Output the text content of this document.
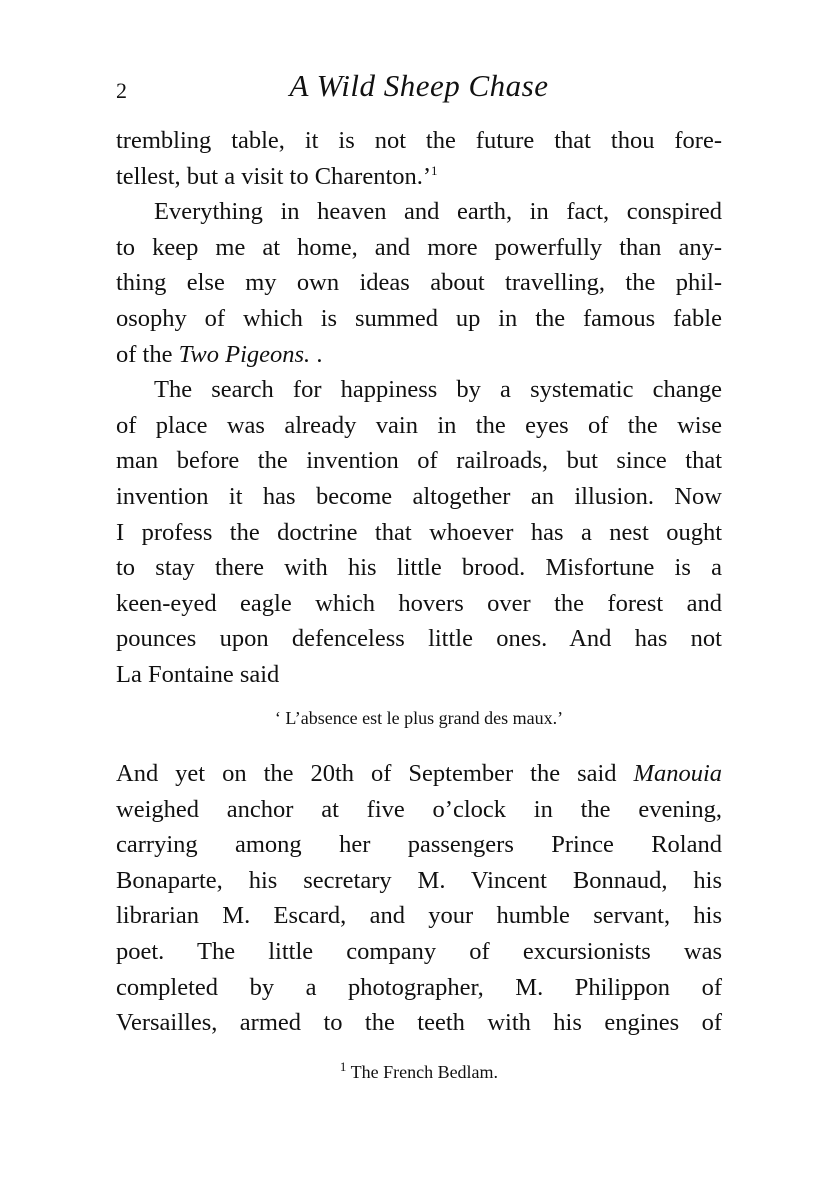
2	A Wild Sheep Chase
trembling table, it is not the future that thou fore-
tellest, but a visit to Charenton.’$^1$
Everything in heaven and earth, in fact, conspired
to keep me at home, and more powerfully than any-
thing else my own ideas about travelling, the phil-
osophy of which is summed up in the famous fable
of the Two Pigeons. .
The search for happiness by a systematic change
of place was already vain in the eyes of the wise
man before the invention of railroads, but since that
invention it has become altogether an illusion. Now
I profess the doctrine that whoever has a nest ought
to stay there with his little brood. Misfortune is a
keen-eyed eagle which hovers over the forest and
pounces upon defenceless little ones. And has not
La Fontaine said
‘ L’absence est le plus grand des maux.’
And yet on the 20th of September the said Manouia
weighed anchor at five o’clock in the evening,
carrying among her passengers Prince Roland
Bonaparte, his secretary M. Vincent Bonnaud, his
librarian M. Escard, and your humble servant, his
poet. The little company of excursionists was
completed by a photographer, M. Philippon of
Versailles, armed to the teeth with his engines of
$^1$ The French Bedlam.
